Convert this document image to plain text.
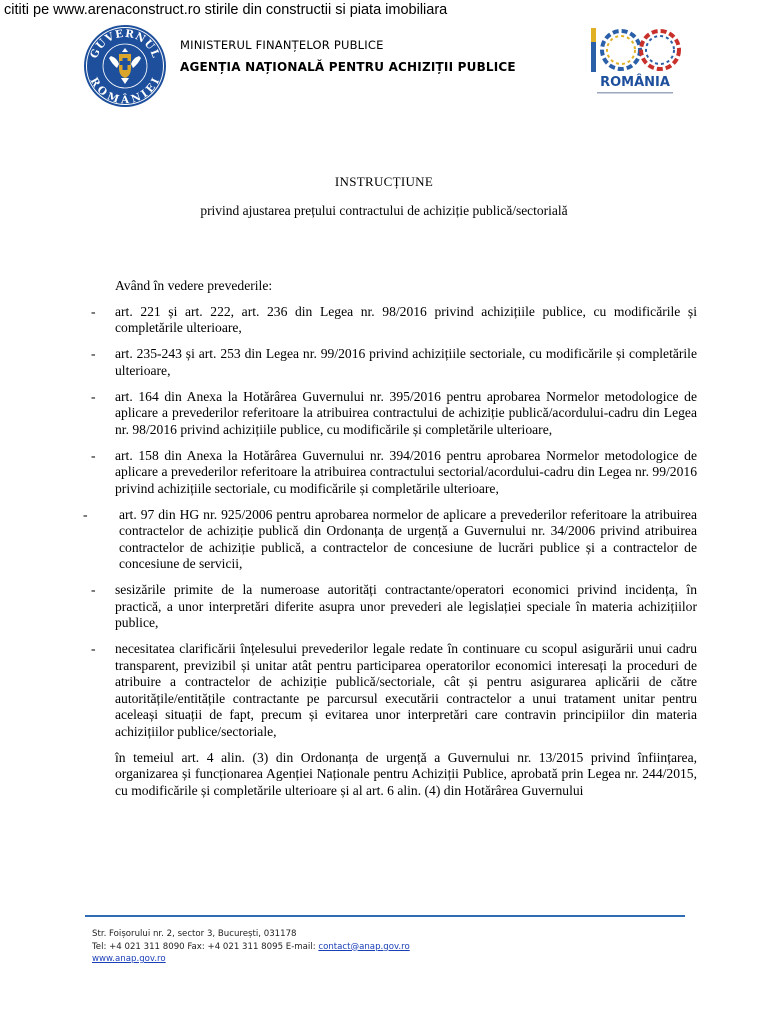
cititi pe www.arenaconstruct.ro stirile din constructii si piata imobiliara
GUVERNUL
ROMÂNIEI
MINISTERUL FINANȚELOR PUBLICE
AGENȚIA NAȚIONALĂ PENTRU ACHIZIȚII PUBLICE
ROMÂNIA
INSTRUCȚIUNE
privind ajustarea prețului contractului de achiziție publică/sectorială
Având în vedere prevederile:
- art. 221 și art. 222, art. 236 din Legea nr. 98/2016 privind achizițiile publice, cu modificările și completările ulterioare,
- art. 235-243 și art. 253 din Legea nr. 99/2016 privind achizițiile sectoriale, cu modificările și completările ulterioare,
- art. 164 din Anexa la Hotărârea Guvernului nr. 395/2016 pentru aprobarea Normelor metodologice de aplicare a prevederilor referitoare la atribuirea contractului de achiziție publică/acordului-cadru din Legea nr. 98/2016 privind achizițiile publice, cu modificările și completările ulterioare,
- art. 158 din Anexa la Hotărârea Guvernului nr. 394/2016 pentru aprobarea Normelor metodologice de aplicare a prevederilor referitoare la atribuirea contractului sectorial/acordului-cadru din Legea nr. 99/2016 privind achizițiile sectoriale, cu modificările și completările ulterioare,
- art. 97 din HG nr. 925/2006 pentru aprobarea normelor de aplicare a prevederilor referitoare la atribuirea contractelor de achiziție publică din Ordonanța de urgență a Guvernului nr. 34/2006 privind atribuirea contractelor de achiziție publică, a contractelor de concesiune de lucrări publice și a contractelor de concesiune de servicii,
- sesizările primite de la numeroase autorități contractante/operatori economici privind incidența, în practică, a unor interpretări diferite asupra unor prevederi ale legislației speciale în materia achizițiilor publice,
- necesitatea clarificării înțelesului prevederilor legale redate în continuare cu scopul asigurării unui cadru transparent, previzibil și unitar atât pentru participarea operatorilor economici interesați la proceduri de atribuire a contractelor de achiziție publică/sectoriale, cât și pentru asigurarea aplicării de către autoritățile/entitățile contractante pe parcursul executării contractelor a unui tratament unitar pentru aceleași situații de fapt, precum și evitarea unor interpretări care contravin principiilor din materia achizițiilor publice/sectoriale,
în temeiul art. 4 alin. (3) din Ordonanța de urgență a Guvernului nr. 13/2015 privind înființarea, organizarea și funcționarea Agenției Naționale pentru Achiziții Publice, aprobată prin Legea nr. 244/2015, cu modificările și completările ulterioare și al art. 6 alin. (4) din Hotărârea Guvernului
Str. Foișorului nr. 2, sector 3, București, 031178
Tel: +4 021 311 8090 Fax: +4 021 311 8095 E-mail: contact@anap.gov.ro
www.anap.gov.ro
